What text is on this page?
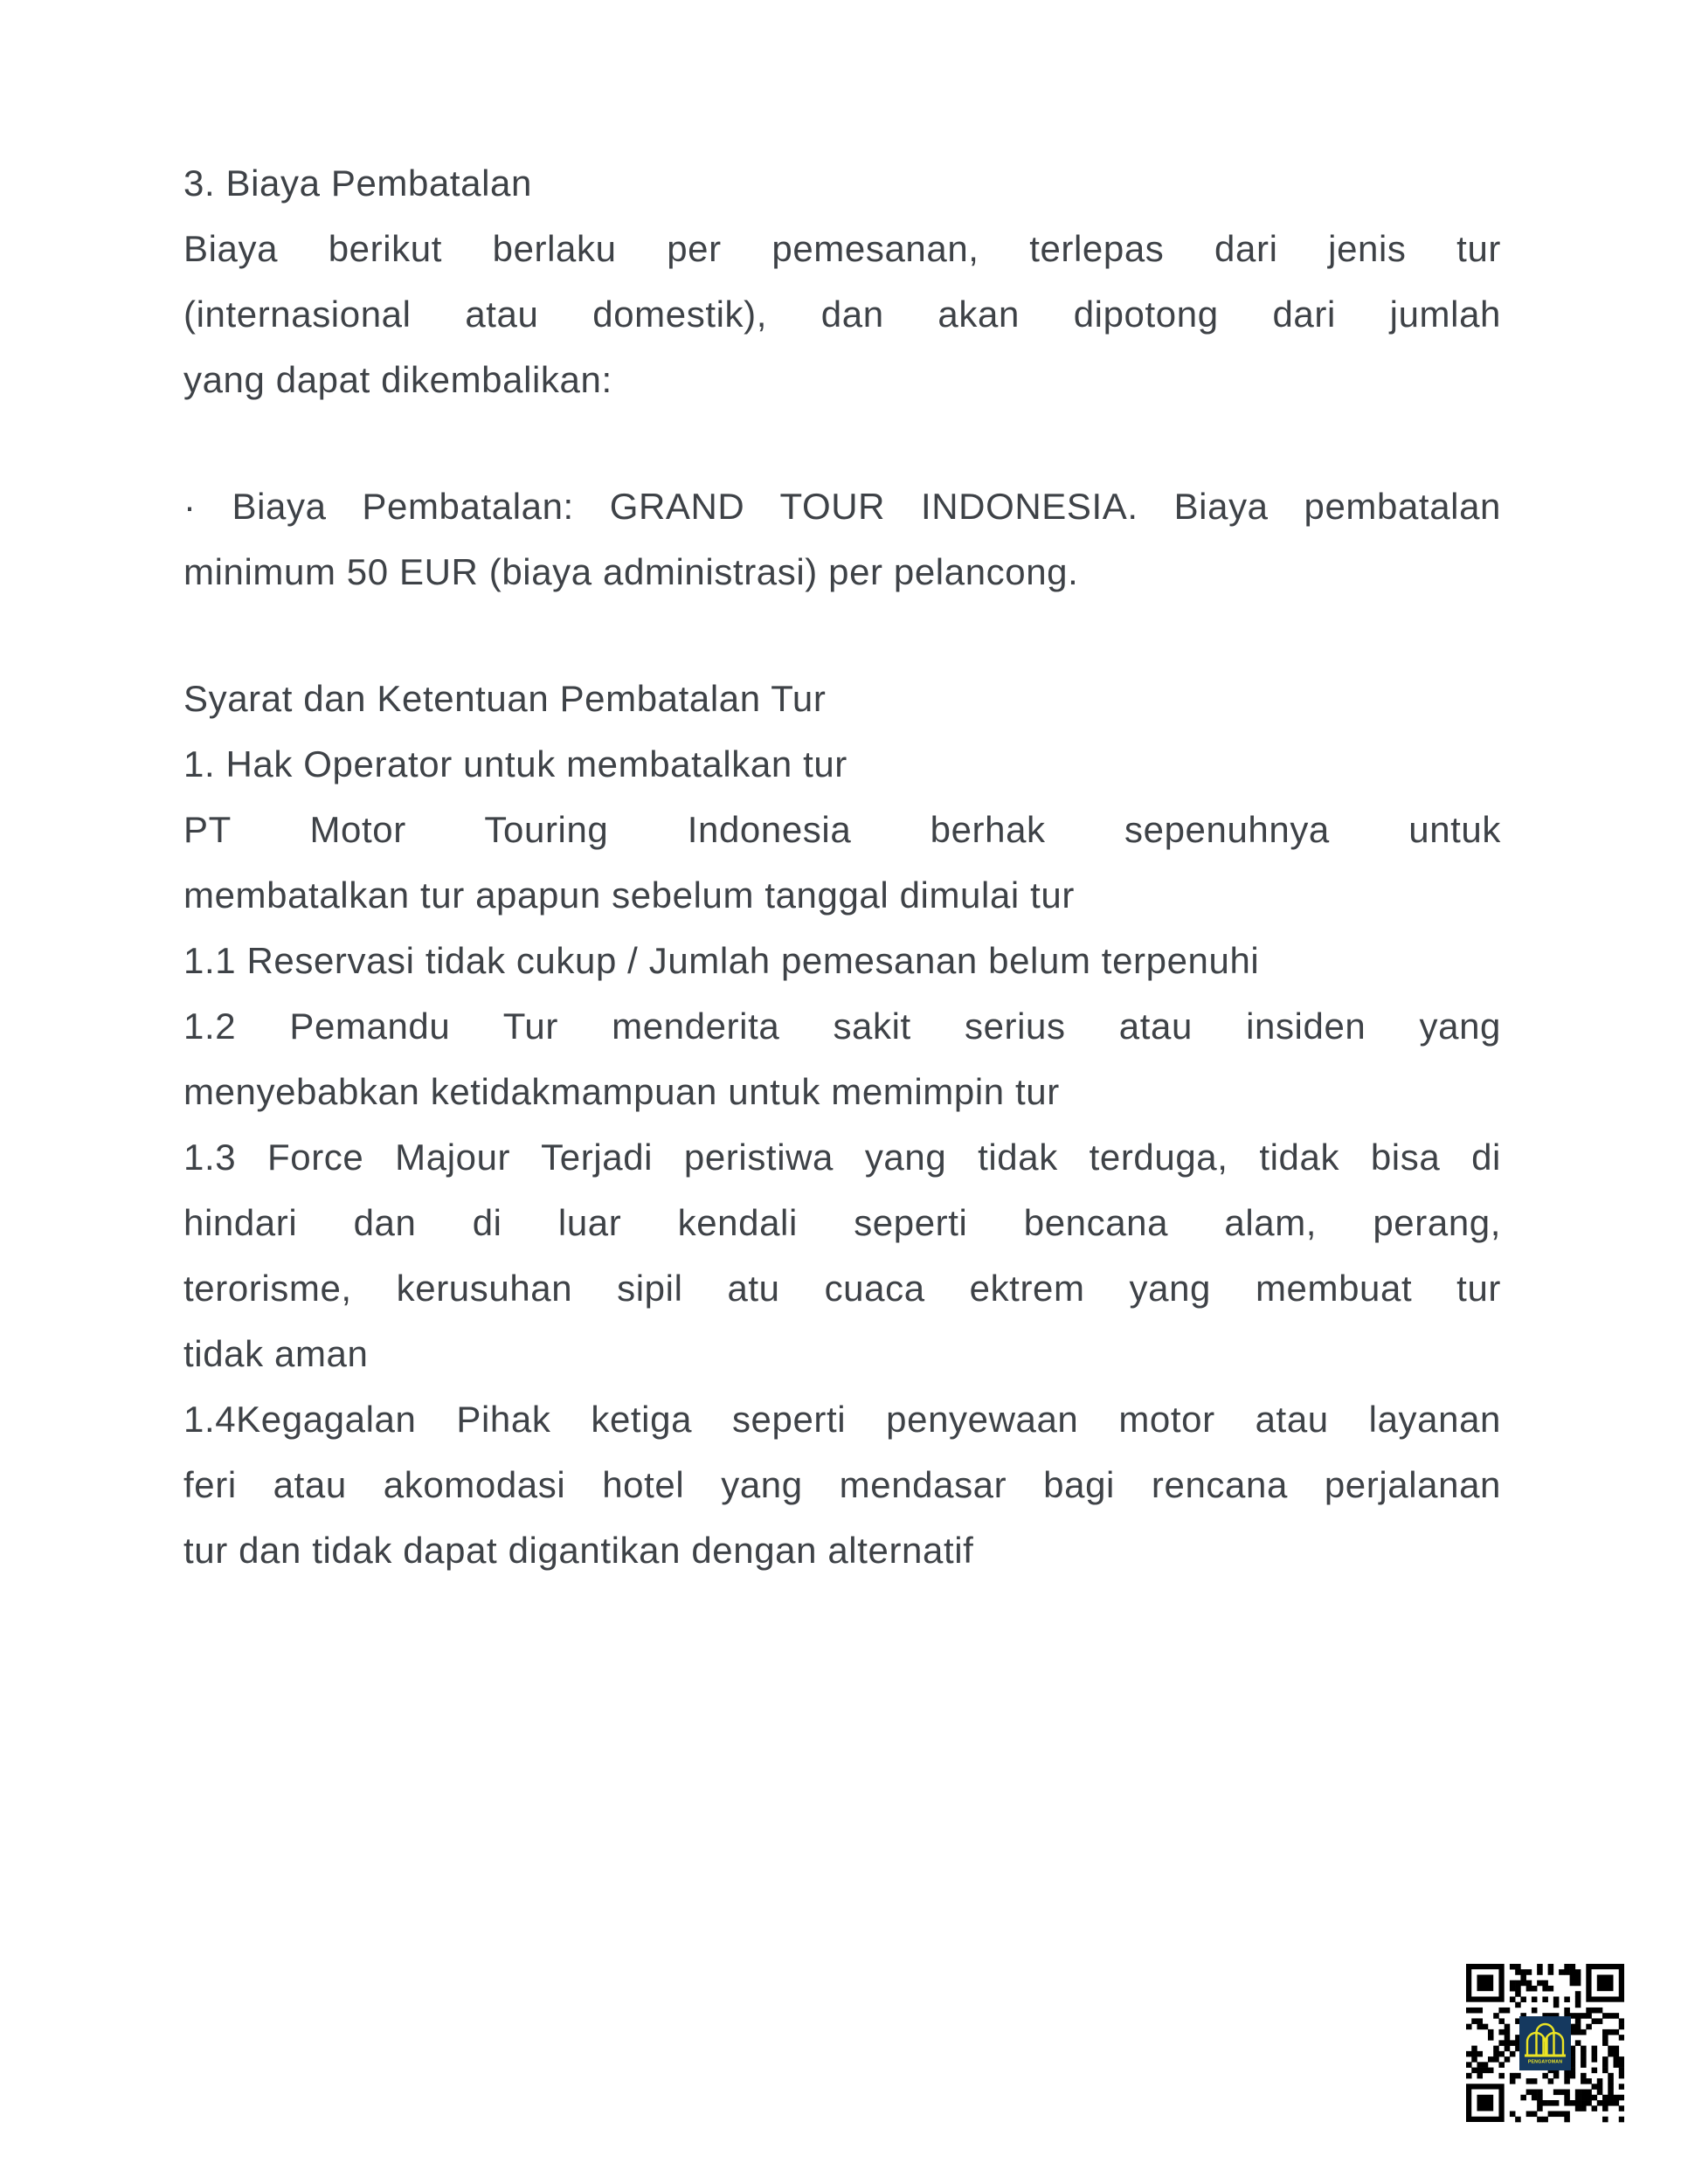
3. Biaya Pembatalan
Biaya berikut berlaku per pemesanan, terlepas dari jenis tur
(internasional atau domestik), dan akan dipotong dari jumlah
yang dapat dikembalikan:
· Biaya Pembatalan: GRAND TOUR INDONESIA. Biaya pembatalan
minimum 50 EUR (biaya administrasi) per pelancong.
Syarat dan Ketentuan Pembatalan Tur
1. Hak Operator untuk membatalkan tur
PT Motor Touring Indonesia berhak sepenuhnya untuk
membatalkan tur apapun sebelum tanggal dimulai tur
1.1 Reservasi tidak cukup / Jumlah pemesanan belum terpenuhi
1.2 Pemandu Tur menderita sakit serius atau insiden yang
menyebabkan ketidakmampuan untuk memimpin tur
1.3 Force Majour Terjadi peristiwa yang tidak terduga, tidak bisa di
hindari dan di luar kendali seperti bencana alam, perang,
terorisme, kerusuhan sipil atu cuaca ektrem yang membuat tur
tidak aman
1.4Kegagalan Pihak ketiga seperti penyewaan motor atau layanan
feri atau akomodasi hotel yang mendasar bagi rencana perjalanan
tur dan tidak dapat digantikan dengan alternatif
PENGAYOMAN
